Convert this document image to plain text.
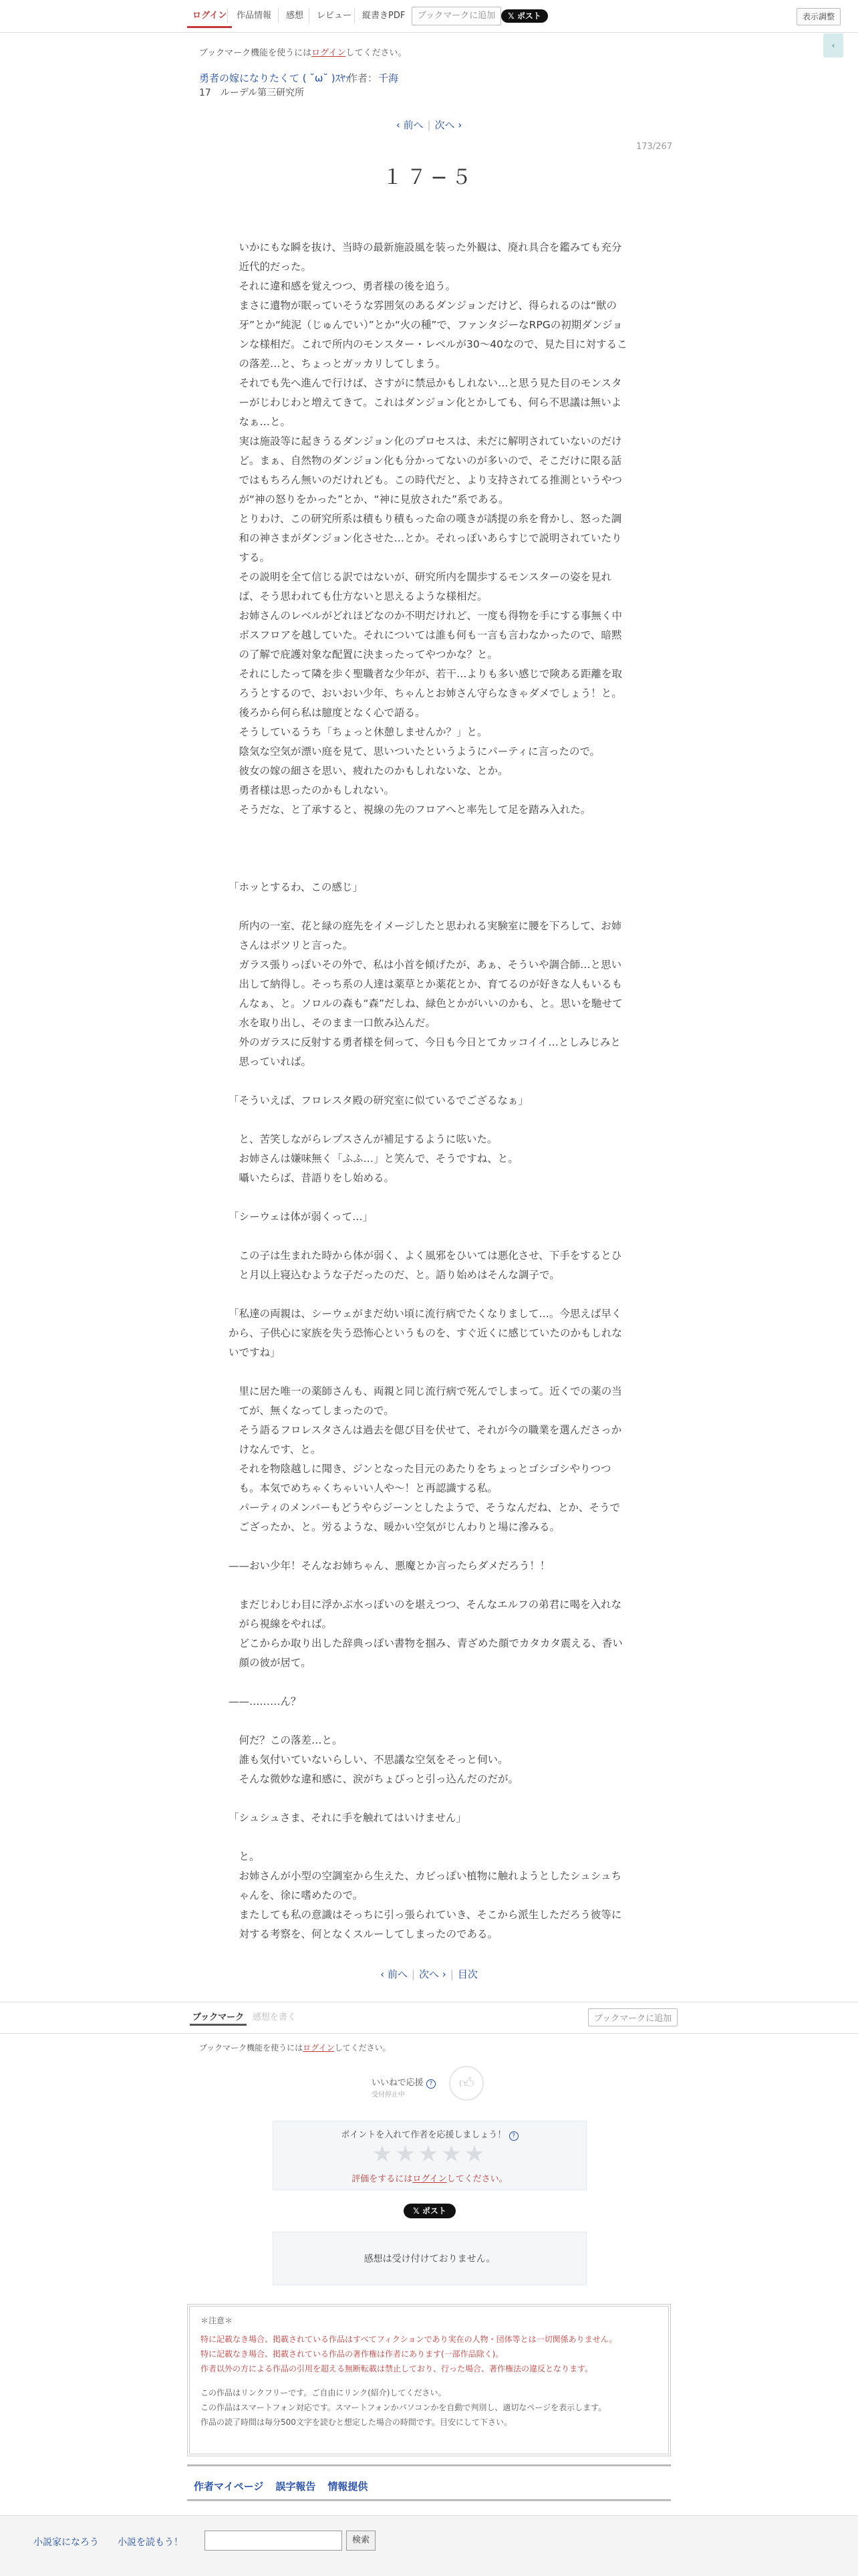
ログイン	作品情報	感想	レビュー	縦書きPDF	ブックマークに追加	𝕏 ポスト	表示調整
‹
ブックマーク機能を使うにはログインしてください。
勇者の嫁になりたくて ( ˘ω˘ )ｽﾔｧ
作者： 千海
17　 ルーデル第三研究所
‹ 前へ | 次へ ›
173/267
１７−５

いかにもな瞬を抜け、当時の最新施設風を装った外観は、廃れ具合を鑑みても充分近代的だった。

それに違和感を覚えつつ、勇者様の後を追う。

まさに遺物が眠っていそうな雰囲気のあるダンジョンだけど、得られるのは“獣の牙”とか“純泥（じゅんでい）”とか“火の種”で、ファンタジーなRPGの初期ダンジョンな様相だ。これで所内のモンスター・レベルが30〜40なので、見た目に対するこの落差…と、ちょっとガッカリしてしまう。

それでも先へ進んで行けば、さすがに禁忌かもしれない…と思う見た目のモンスターがじわじわと増えてきて。これはダンジョン化とかしても、何ら不思議は無いよなぁ…と。

実は施設等に起きうるダンジョン化のプロセスは、未だに解明されていないのだけど。まぁ、自然物のダンジョン化も分かってないのが多いので、そこだけに限る話ではもちろん無いのだけれども。この時代だと、より支持されてる推測というやつが“神の怒りをかった”とか、“神に見放された”系である。

とりわけ、この研究所系は積もり積もった命の嘆きが誘提の糸を脅かし、怒った調和の神さまがダンジョン化させた…とか。それっぽいあらすじで説明されていたりする。

その説明を全て信じる訳ではないが、研究所内を闊歩するモンスターの姿を見れば、そう思われても仕方ないと思えるような様相だ。

お姉さんのレベルがどれほどなのか不明だけれど、一度も得物を手にする事無く中ボスフロアを越していた。それについては誰も何も一言も言わなかったので、暗黙の了解で庇護対象な配置に決まったってやつかな？と。

それにしたって隣を歩く聖職者な少年が、若干…よりも多い感じで険ある距離を取ろうとするので、おいおい少年、ちゃんとお姉さん守らなきゃダメでしょう！と。後ろから何ら私は臆度となく心で語る。

そうしているうち「ちょっと休憩しませんか？」と。

陰気な空気が漂い庭を見て、思いついたというようにパーティに言ったので。

彼女の嫁の細さを思い、疲れたのかもしれないな、とか。

勇者様は思ったのかもしれない。

そうだな、と了承すると、視線の先のフロアへと率先して足を踏み入れた。

「ホッとするわ、この感じ」

所内の一室、花と緑の庭先をイメージしたと思われる実験室に腰を下ろして、お姉さんはポツリと言った。

ガラス張りっぽいその外で、私は小首を傾げたが、あぁ、そういや調合師…と思い出して納得し。そっち系の人達は薬草とか薬花とか、育てるのが好きな人もいるもんなぁ、と。ソロルの森も“森”だしね、緑色とかがいいのかも、と。思いを馳せて水を取り出し、そのまま一口飲み込んだ。

外のガラスに反射する勇者様を伺って、今日も今日とてカッコイイ…としみじみと思っていれば。

「そういえば、フロレスタ殿の研究室に似ているでござるなぁ」

と、苦笑しながらレプスさんが補足するように呟いた。

お姉さんは嫌味無く「ふふ…」と笑んで、そうですね、と。

囁いたらば、昔語りをし始める。

「シーウェは体が弱くって…」

この子は生まれた時から体が弱く、よく風邪をひいては悪化させ、下手をするとひと月以上寝込むような子だったのだ、と。語り始めはそんな調子で。

「私達の両親は、シーウェがまだ幼い頃に流行病でたくなりまして…。今思えば早くから、子供心に家族を失う恐怖心というものを、すぐ近くに感じていたのかもしれないですね」

里に居た唯一の薬師さんも、両親と同じ流行病で死んでしまって。近くでの薬の当てが、無くなってしまったので。

そう語るフロレスタさんは過去を偲び目を伏せて、それが今の職業を選んださっかけなんです、と。

それを物陰越しに聞き、ジンとなった目元のあたりをちょっとゴシゴシやりつつも。本気でめちゃくちゃいい人や〜！と再認識する私。

パーティのメンバーもどうやらジーンとしたようで、そうなんだね、とか、そうでござったか、と。労るような、暖かい空気がじんわりと場に滲みる。

——おい少年！そんなお姉ちゃん、悪魔とか言ったらダメだろう！！

まだじわじわ目に浮かぶ水っぽいのを堪えつつ、そんなエルフの弟君に喝を入れながら視線をやれば。

どこからか取り出した辞典っぽい書物を掴み、青ざめた顔でカタカタ震える、香い顔の彼が居て。

——………ん？

何だ？この落差…と。

誰も気付いていないらしい、不思議な空気をそっと伺い。

そんな微妙な違和感に、涙がちょびっと引っ込んだのだが。

「シュシュさま、それに手を触れてはいけません」

と。

お姉さんが小型の空調室から生えた、カビっぽい植物に触れようとしたシュシュちゃんを、徐に嗜めたので。

またしても私の意識はそっちに引っ張られていき、そこから派生しただろう彼等に対する考察を、何となくスルーしてしまったのである。

‹ 前へ | 次へ › | 目次
ブックマーク 感想を書く	ブックマークに追加
ブックマーク機能を使うにはログインしてください。
いいねで応援 ?
受付停止中
👍︎
ポイントを入れて作者を応援しましょう！ ?
★★★★★
評価をするにはログインしてください。
𝕏 ポスト
感想は受け付けておりません。
＊注意＊
特に記載なき場合、掲載されている作品はすべてフィクションであり実在の人物・団体等とは一切関係ありません。
特に記載なき場合、掲載されている作品の著作権は作者にあります(一部作品除く)。
作者以外の方による作品の引用を超える無断転載は禁止しており、行った場合、著作権法の違反となります。
この作品はリンクフリーです。ご自由にリンク(紹介)してください。
この作品はスマートフォン対応です。スマートフォンかパソコンかを自動で判別し、適切なページを表示します。
作品の読了時間は毎分500文字を読むと想定した場合の時間です。目安にして下さい。
作者マイページ 誤字報告 情報提供
小説家になろう 小説を読もう！	検索
